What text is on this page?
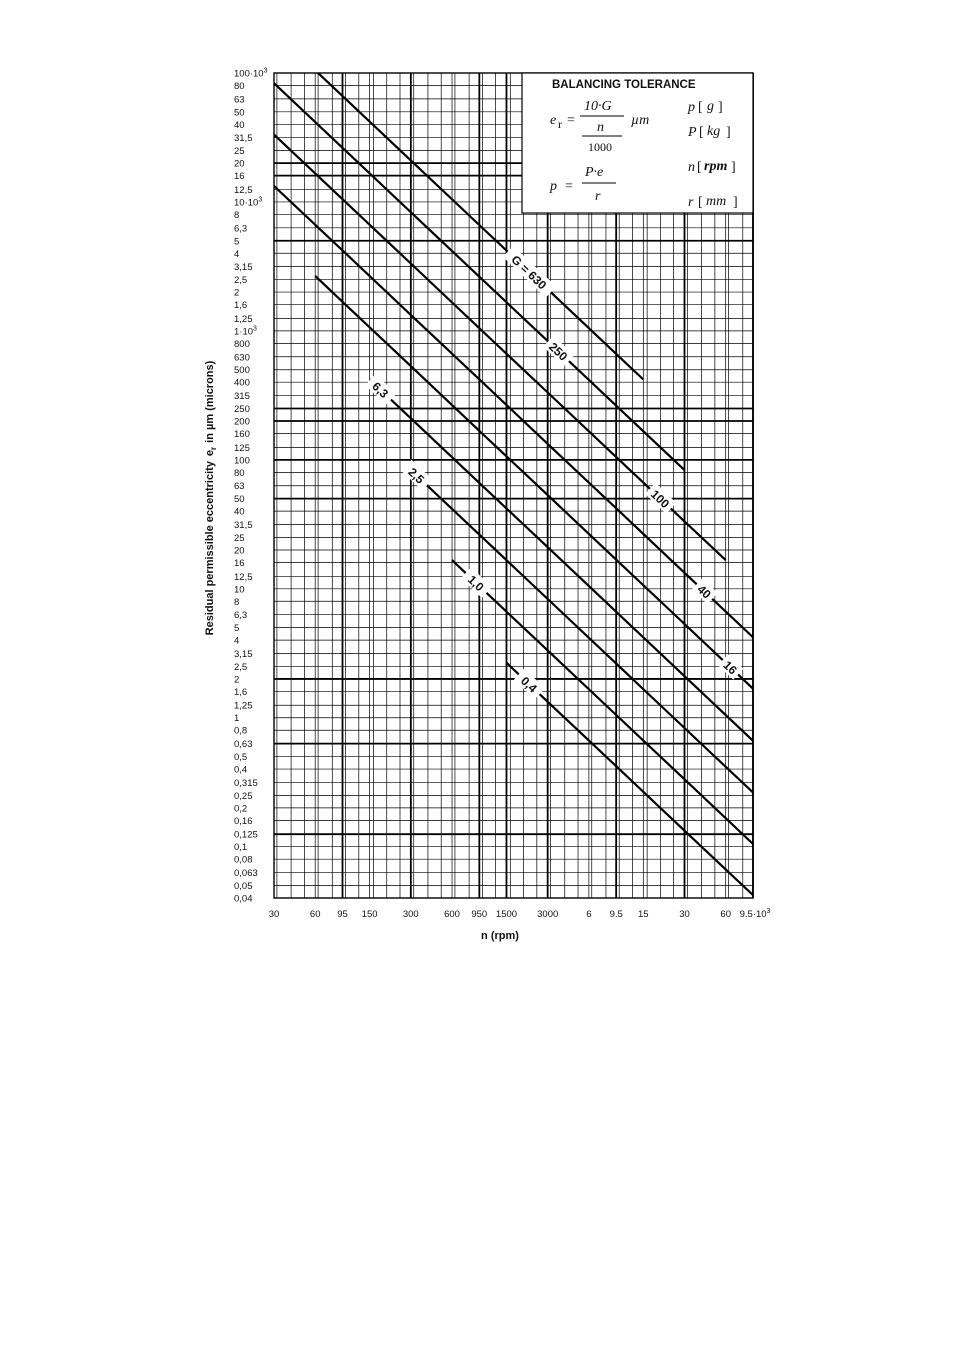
G = 630
250
100
40
16
6,3
2,5
1,0
0,4
$100\cdot 10^3$
80
63
50
40
31,5
25
20
16
12,5
$10\cdot 10^3$
8
6,3
5
4
3,15
2,5
2
1,6
1,25
$1\cdot 10^3$
800
630
500
400
315
250
200
160
125
100
80
63
50
40
31,5
25
20
16
12,5
10
8
6,3
5
4
3,15
2,5
2
1,6
1,25
1
0,8
0,63
0,5
0,4
0,315
0,25
0,2
0,16
0,125
0,1
0,08
0,063
0,05
0,04
30	60 95 150	300	600 950 1500 3000	6 9.5 15	30	60 $9.5\cdot 10^3$
BALANCING TOLERANCE
e r =
10·G
n
1000
µm
p =
P·e
r
p [ g ]
P [ kg ]
n [ rpm ]
r [ mm ]
n (rpm)
Residual permissible eccentricitye$_r$in µm (microns)
